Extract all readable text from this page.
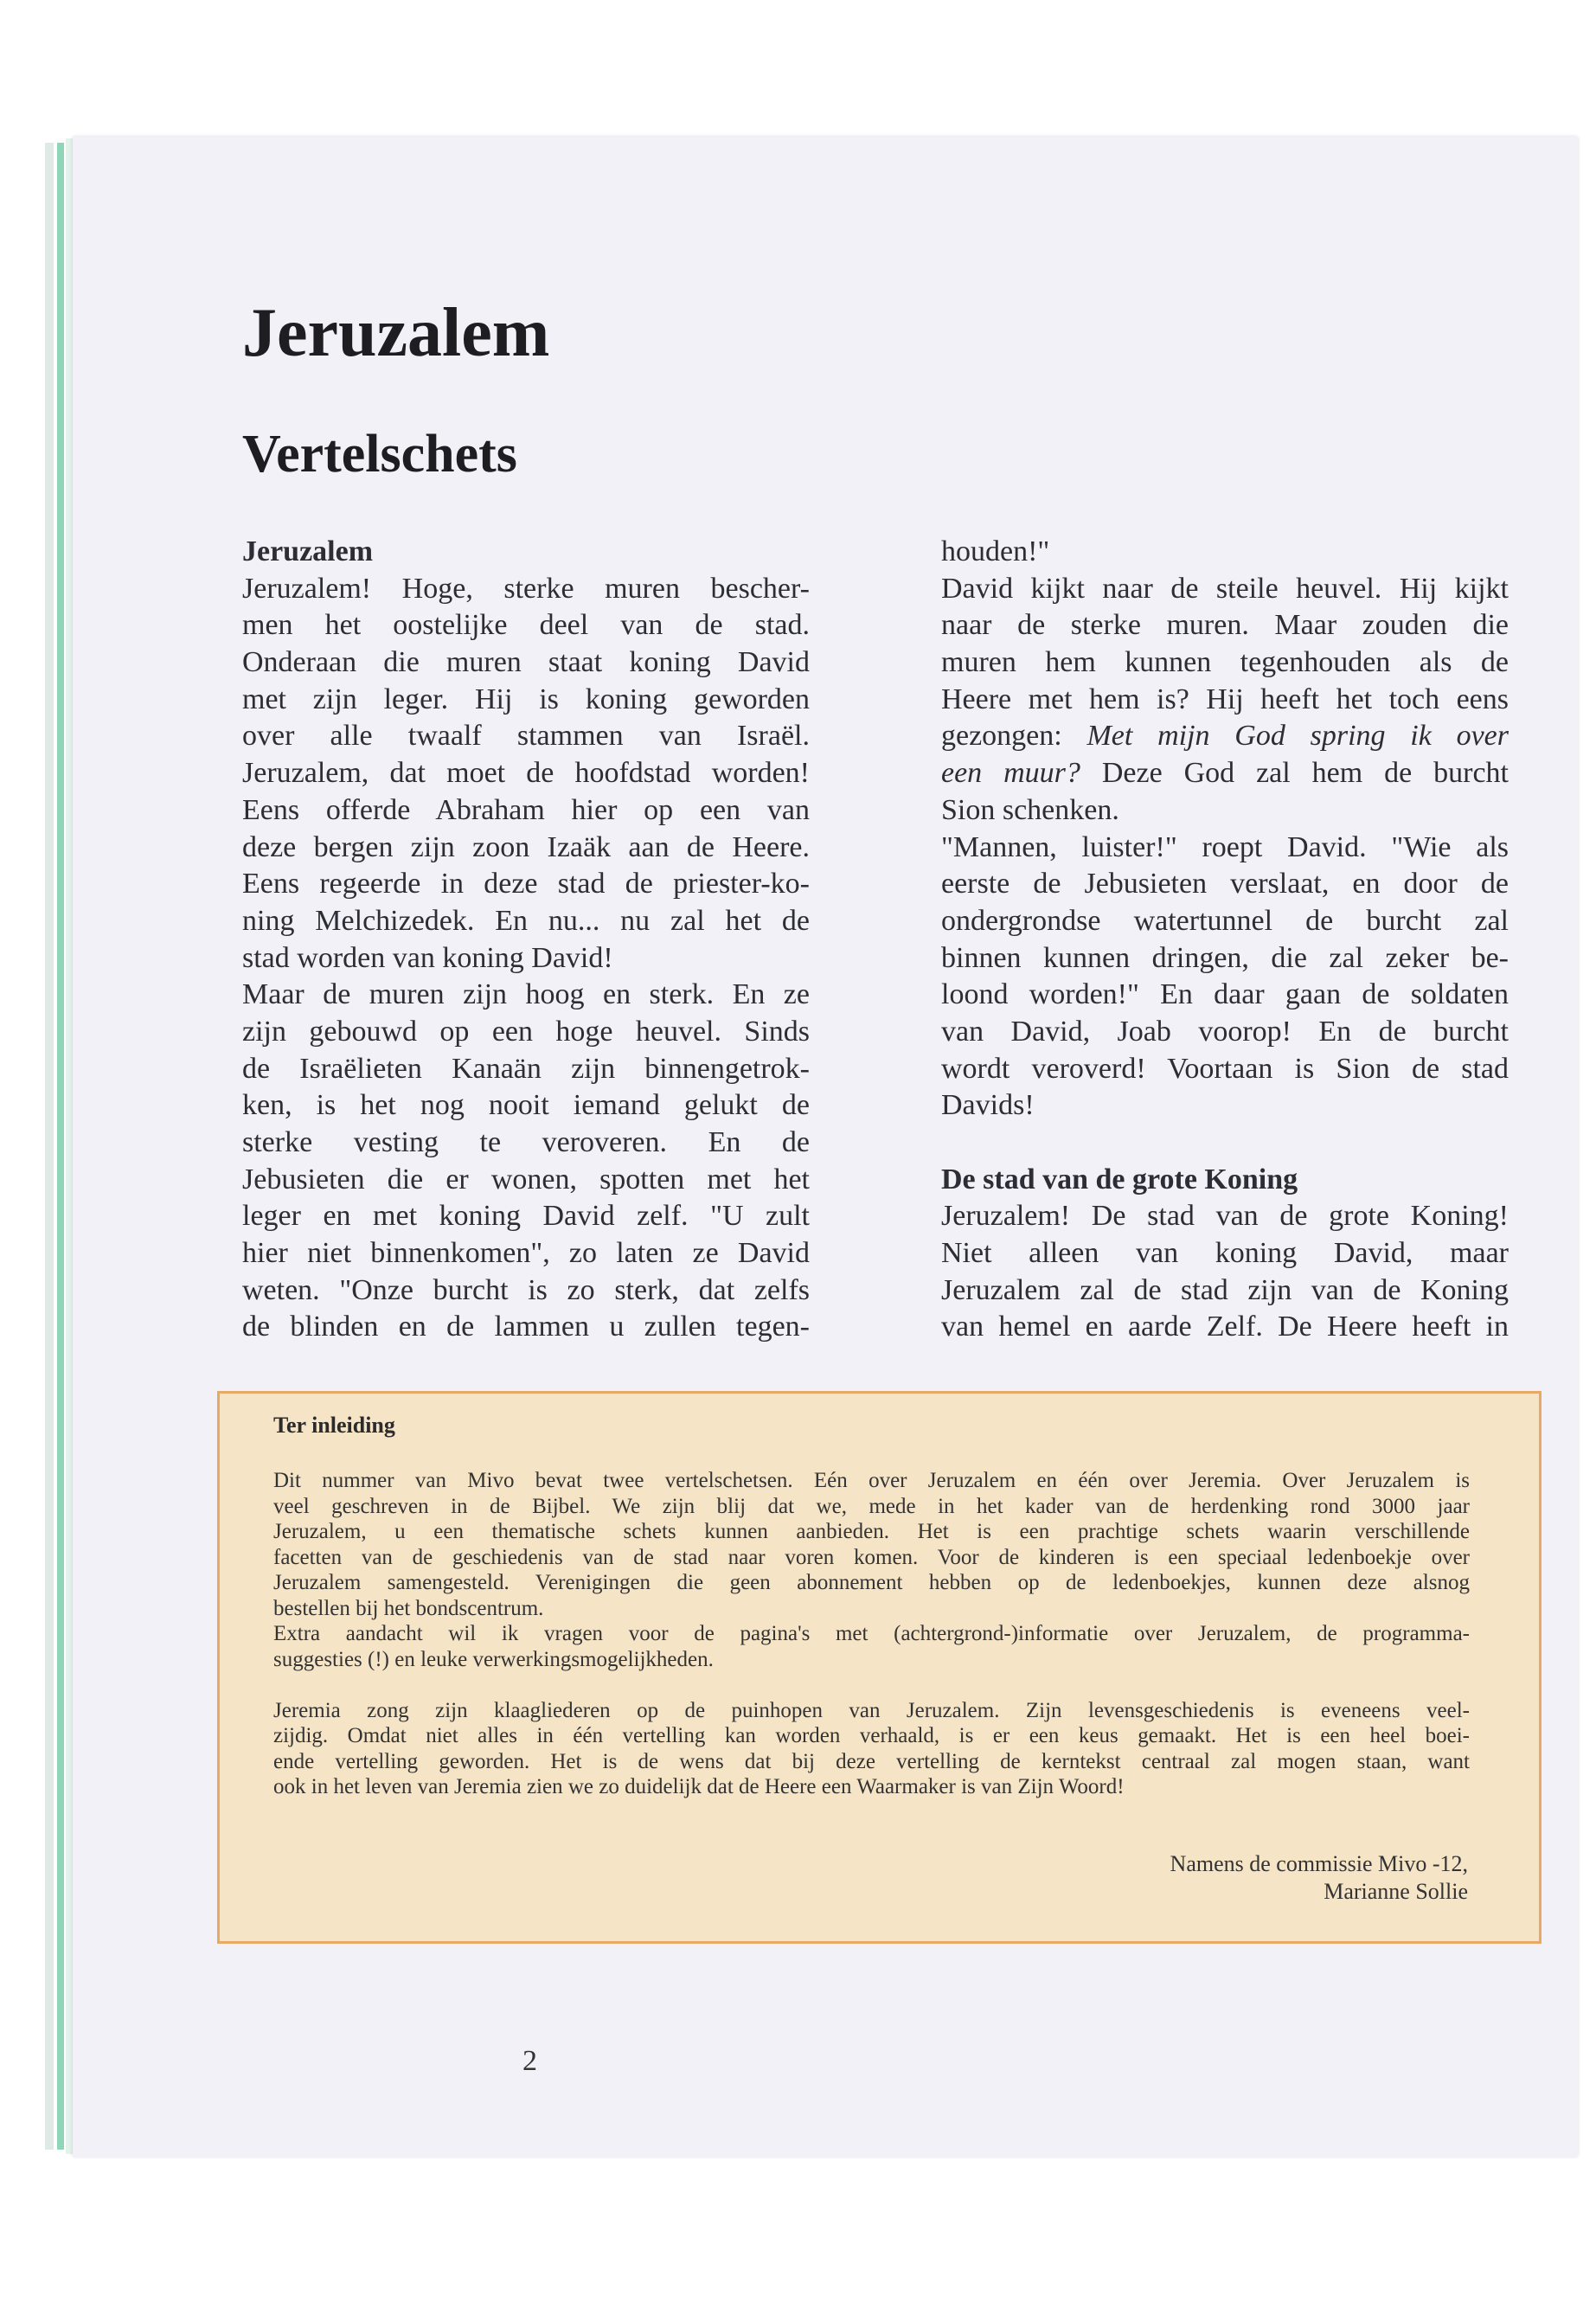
Jeruzalem
Vertelschets
Jeruzalem
Jeruzalem! Hoge, sterke muren bescher-
men het oostelijke deel van de stad.
Onderaan die muren staat koning David
met zijn leger. Hij is koning geworden
over alle twaalf stammen van Israël.
Jeruzalem, dat moet de hoofdstad worden!
Eens offerde Abraham hier op een van
deze bergen zijn zoon Izaäk aan de Heere.
Eens regeerde in deze stad de priester-ko-
ning Melchizedek. En nu... nu zal het de
stad worden van koning David!
Maar de muren zijn hoog en sterk. En ze
zijn gebouwd op een hoge heuvel. Sinds
de Israëlieten Kanaän zijn binnengetrok-
ken, is het nog nooit iemand gelukt de
sterke vesting te veroveren. En de
Jebusieten die er wonen, spotten met het
leger en met koning David zelf. "U zult
hier niet binnenkomen", zo laten ze David
weten. "Onze burcht is zo sterk, dat zelfs
de blinden en de lammen u zullen tegen-
houden!"
David kijkt naar de steile heuvel. Hij kijkt
naar de sterke muren. Maar zouden die
muren hem kunnen tegenhouden als de
Heere met hem is? Hij heeft het toch eens
gezongen: Met mijn God spring ik over
een muur? Deze God zal hem de burcht
Sion schenken.
"Mannen, luister!" roept David. "Wie als
eerste de Jebusieten verslaat, en door de
ondergrondse watertunnel de burcht zal
binnen kunnen dringen, die zal zeker be-
loond worden!" En daar gaan de soldaten
van David, Joab voorop! En de burcht
wordt veroverd! Voortaan is Sion de stad
Davids!
De stad van de grote Koning
Jeruzalem! De stad van de grote Koning!
Niet alleen van koning David, maar
Jeruzalem zal de stad zijn van de Koning
van hemel en aarde Zelf. De Heere heeft in
Ter inleiding
Dit nummer van Mivo bevat twee vertelschetsen. Eén over Jeruzalem en één over Jeremia. Over Jeruzalem is
veel geschreven in de Bijbel. We zijn blij dat we, mede in het kader van de herdenking rond 3000 jaar
Jeruzalem, u een thematische schets kunnen aanbieden. Het is een prachtige schets waarin verschillende
facetten van de geschiedenis van de stad naar voren komen. Voor de kinderen is een speciaal ledenboekje over
Jeruzalem samengesteld. Verenigingen die geen abonnement hebben op de ledenboekjes, kunnen deze alsnog
bestellen bij het bondscentrum.
Extra aandacht wil ik vragen voor de pagina's met (achtergrond-)informatie over Jeruzalem, de programma-
suggesties (!) en leuke verwerkingsmogelijkheden.
Jeremia zong zijn klaagliederen op de puinhopen van Jeruzalem. Zijn levensgeschiedenis is eveneens veel-
zijdig. Omdat niet alles in één vertelling kan worden verhaald, is er een keus gemaakt. Het is een heel boei-
ende vertelling geworden. Het is de wens dat bij deze vertelling de kerntekst centraal zal mogen staan, want
ook in het leven van Jeremia zien we zo duidelijk dat de Heere een Waarmaker is van Zijn Woord!
Namens de commissie Mivo -12,
Marianne Sollie
2
